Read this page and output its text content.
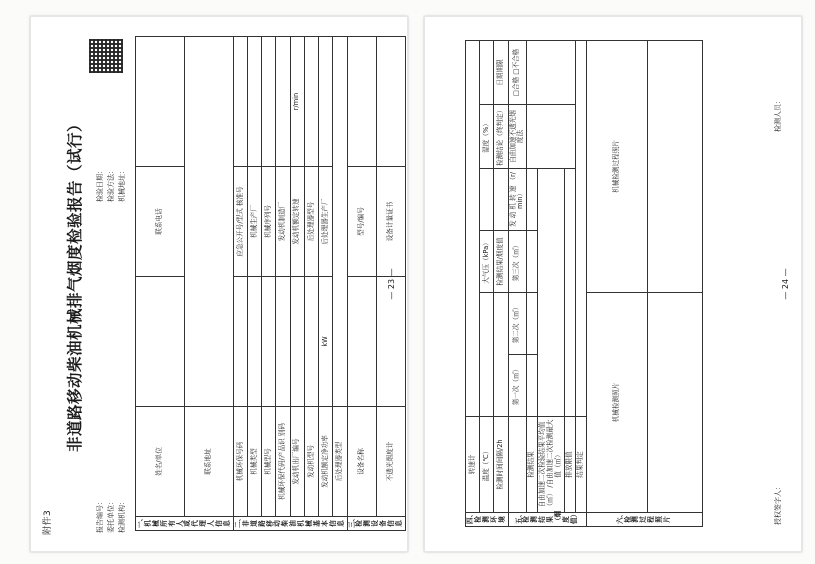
附件3
非道路移动柴油机械排气烟度检验报告（试行）
报告编号： 委托单位： 检测机构：
检验日期： 检验方法： 机械地址：
一、机械所有人或代理人信息	姓名/单位		联系电话	
	联系地址			
二、非道路移动柴油机械基本信息	机械环保号码		应急公开号/型式 核准号	
	机械类型		机械生产厂	
	机械型号		机械序列号	
	机械环保代码/产品识 别码		发动机制造厂	
	发动机出厂编号		发动机额定转速	r/min
	发动机型号		后处理器型号	
	发动机额定净功率	kW	后处理器生产厂	
	后处理器类型			
三、检测设备信息	设备名称		型号/编号	
	不透光烟度计		设备计量证书	
— 23 —
四、检测环境	转速计						
	温度（℃）			大气压（kPa）		湿度（%）	
	检测时间间隔/2h			检测结果/烟度值		检测结论（终判定）	日期期限
五、检测结果（烟度值）		第一次（㎡）	第二次（㎡）	第三次（㎡）	发 动 机 转 速 （r/min）	自由加速不透光烟 度法	□合格 □不合格
	检测结果						
	自由加速二次检验结果平均值（㎡） /自由加速二次检测最大值（㎡）						
	排放限值						
	结果判定						
六、检测过程照片	机械检测照片			机械检测过程照片			

授权签字人：
检测人员：
— 24 —
